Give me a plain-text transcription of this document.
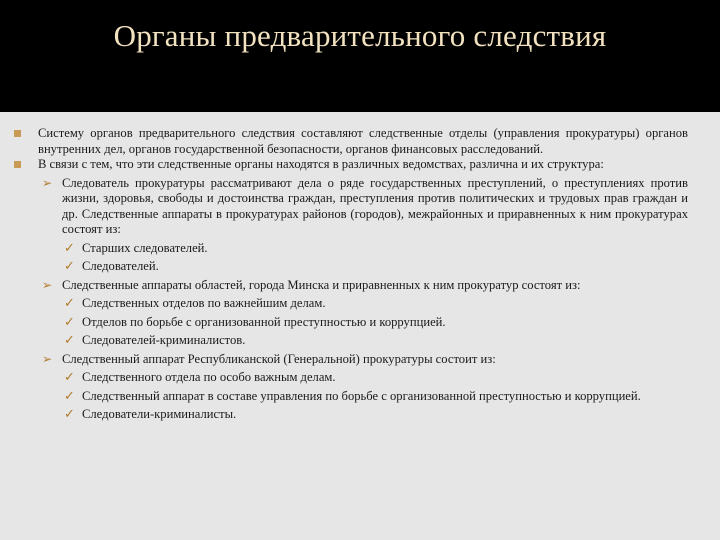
Органы предварительного следствия
Систему органов предварительного следствия составляют следственные отделы (управления прокуратуры) органов внутренних дел, органов государственной безопасности, органов финансовых расследований.
В связи с тем, что эти следственные органы находятся в различных ведомствах, различна и их структура:
➢ Следователь прокуратуры рассматривают дела о ряде государственных преступлений, о преступлениях против жизни, здоровья, свободы и достоинства граждан, преступления против политических и трудовых прав граждан и др. Следственные аппараты в прокуратурах районов (городов), межрайонных и приравненных к ним прокуратурах состоят из:
✓ Старших следователей.
✓ Следователей.
➢ Следственные аппараты областей, города Минска и приравненных к ним прокуратур состоят из:
✓ Следственных отделов по важнейшим делам.
✓ Отделов по борьбе с организованной преступностью и коррупцией.
✓ Следователей-криминалистов.
➢ Следственный аппарат Республиканской (Генеральной) прокуратуры состоит из:
✓ Следственного отдела по особо важным делам.
✓ Следственный аппарат в составе управления по борьбе с организованной преступностью и коррупцией.
✓ Следователи-криминалисты.
